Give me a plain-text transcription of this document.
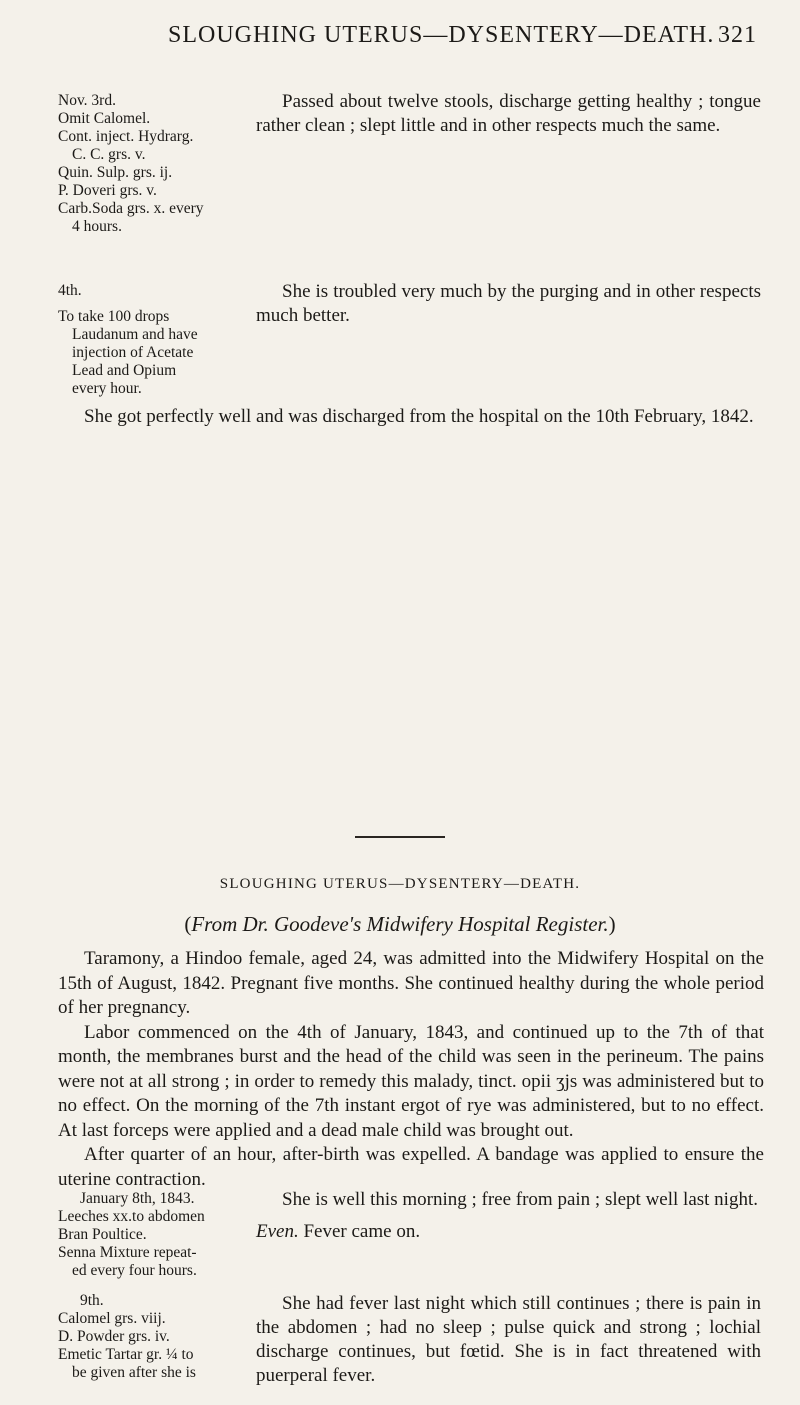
SLOUGHING UTERUS—DYSENTERY—DEATH. 321
Nov. 3rd.
Omit Calomel.
Cont. inject. Hydrarg.
C. C. grs. v.
Quin. Sulp. grs. ij.
P. Doveri grs. v.
Carb.Soda grs. x. every
4 hours.

Passed about twelve stools, discharge getting healthy ; tongue rather clean ; slept little and in other respects much the same.

4th.
To take 100 drops
Laudanum and have
injection of Acetate
Lead and Opium
every hour.

She is troubled very much by the purging and in other respects much better.

She got perfectly well and was discharged from the hospital on the 10th February, 1842.

SLOUGHING UTERUS—DYSENTERY—DEATH.
(From Dr. Goodeve's Midwifery Hospital Register.)

Taramony, a Hindoo female, aged 24, was admitted into the Midwifery Hospital on the 15th of August, 1842. Pregnant five months. She continued healthy during the whole period of her pregnancy.

Labor commenced on the 4th of January, 1843, and continued up to the 7th of that month, the membranes burst and the head of the child was seen in the perineum. The pains were not at all strong ; in order to remedy this malady, tinct. opii ʒjs was administered but to no effect. On the morning of the 7th instant ergot of rye was administered, but to no effect. At last forceps were applied and a dead male child was brought out.

After quarter of an hour, after-birth was expelled. A bandage was applied to ensure the uterine contraction.

January 8th, 1843.
Leeches xx.to abdomen
Bran Poultice.
Senna Mixture repeat-
ed every four hours.

She is well this morning ; free from pain ; slept well last night.

Even. Fever came on.

9th.
Calomel grs. viij.
D. Powder grs. iv.
Emetic Tartar gr. ¼ to
be given after she is

She had fever last night which still continues ; there is pain in the abdomen ; had no sleep ; pulse quick and strong ; lochial discharge continues, but fœtid. She is in fact threatened with puerperal fever.
